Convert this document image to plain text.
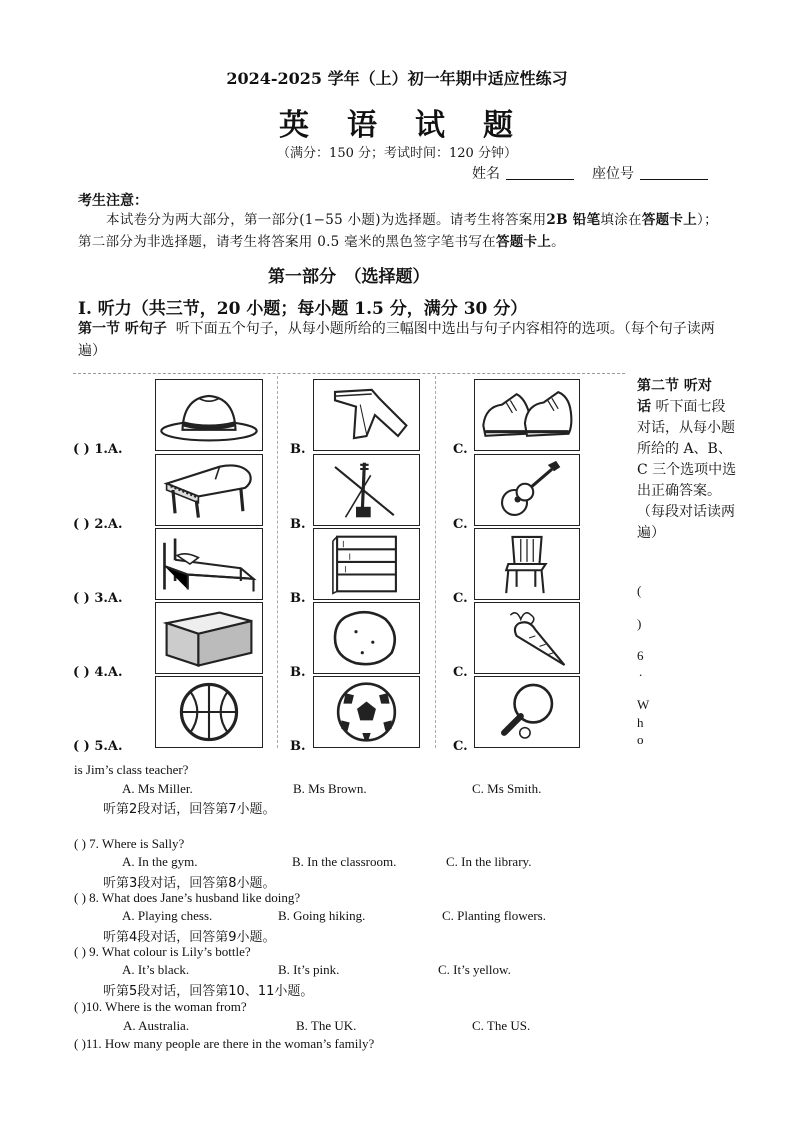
2024-2025 学年（上）初一年期中适应性练习
英 语 试 题
（满分：150 分；考试时间：120 分钟）
姓名	座位号
考生注意：
本试卷分为两大部分，第一部分(1−55 小题)为选择题。请考生将答案用2B 铅笔填涂在答题卡上）；第二部分为非选择题，请考生将答案用 0.5 毫米的黑色签字笔书写在答题卡上。
第一部分　（选择题）
I. 听力（共三节，20 小题；每小题 1.5 分，满分 30 分）
第一节 听句子 听下面五个句子，从每小题所给的三幅图中选出与句子内容相符的选项。（每个句子读两遍）
( ) 1.A.	B.	C.
( ) 2.A.	B.	C.
( ) 3.A.	B.	C.
( ) 4.A.	B.	C.
( ) 5.A.	B.	C.
第二节 听对话 听下面七段对话，从每小题所给的 A、B、C 三个选项中选出正确答案。（每段对话读两遍）
(
)
6
.
W
h
o
is Jim’s class teacher?
A. Ms Miller.	B. Ms Brown.	C. Ms Smith.
听第2段对话，回答第7小题。
( ) 7. Where is Sally?
A. In the gym.	B. In the classroom.	C. In the library.
听第3段对话，回答第8小题。
( ) 8. What does Jane’s husband like doing?
A. Playing chess.	B. Going hiking.	C. Planting flowers.
听第4段对话，回答第9小题。
( ) 9. What colour is Lily’s bottle?
A. It’s black.	B. It’s pink.	C. It’s yellow.
听第5段对话，回答第10、11小题。
( )10. Where is the woman from?
A. Australia.	B. The UK.	C. The US.
( )11. How many people are there in the woman’s family?
